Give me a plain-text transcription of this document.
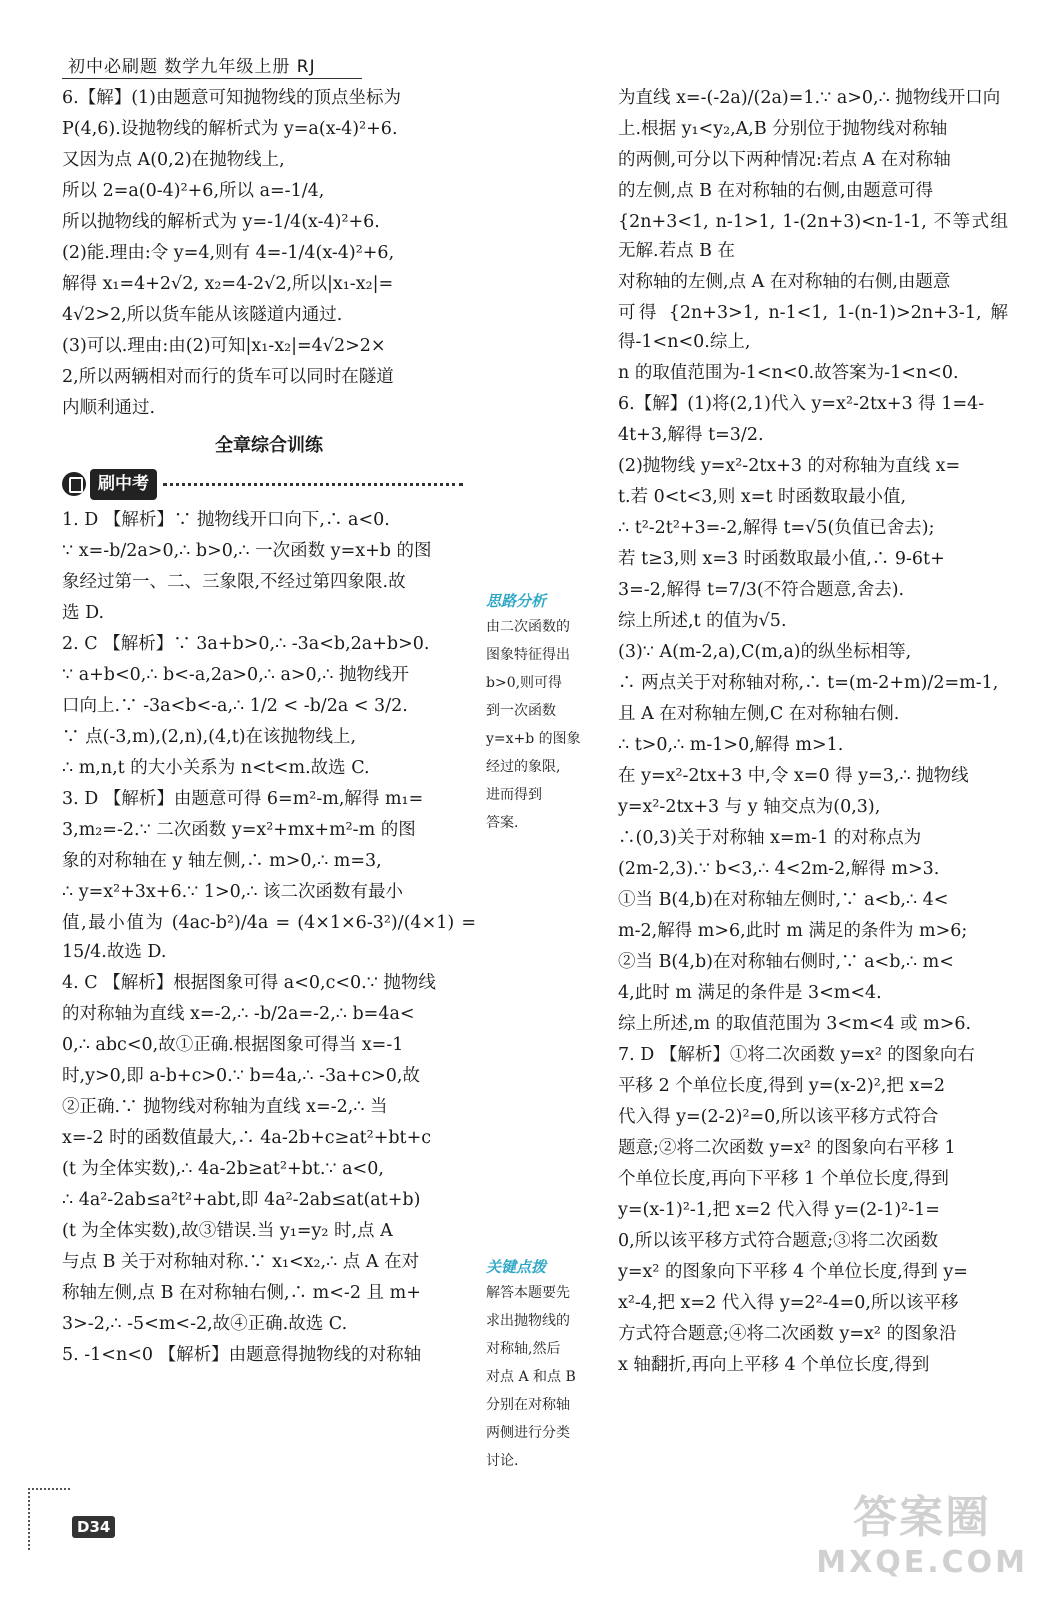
初中必刷题 数学九年级上册 RJ

6.【解】(1)由题意可知抛物线的顶点坐标为

P(4,6).设抛物线的解析式为 y=a(x-4)²+6.

又因为点 A(0,2)在抛物线上,

所以 2=a(0-4)²+6,所以 a=-1/4,

所以抛物线的解析式为 y=-1/4(x-4)²+6.

(2)能.理由:令 y=4,则有 4=-1/4(x-4)²+6,

解得 x₁=4+2√2, x₂=4-2√2,所以|x₁-x₂|=

4√2>2,所以货车能从该隧道内通过.

(3)可以.理由:由(2)可知|x₁-x₂|=4√2>2×

2,所以两辆相对而行的货车可以同时在隧道

内顺利通过.

全章综合训练
刷中考

1. D 【解析】∵ 抛物线开口向下,∴ a<0.

∵ x=-b/2a>0,∴ b>0,∴ 一次函数 y=x+b 的图

象经过第一、二、三象限,不经过第四象限.故

选 D.

2. C 【解析】∵ 3a+b>0,∴ -3a<b,2a+b>0.

∵ a+b<0,∴ b<-a,2a>0,∴ a>0,∴ 抛物线开

口向上.∵ -3a<b<-a,∴ 1/2 < -b/2a < 3/2.

∵ 点(-3,m),(2,n),(4,t)在该抛物线上,

∴ m,n,t 的大小关系为 n<t<m.故选 C.

3. D 【解析】由题意可得 6=m²-m,解得 m₁=

3,m₂=-2.∵ 二次函数 y=x²+mx+m²-m 的图

象的对称轴在 y 轴左侧,∴ m>0,∴ m=3,

∴ y=x²+3x+6.∵ 1>0,∴ 该二次函数有最小

值,最小值为 (4ac-b²)/4a = (4×1×6-3²)/(4×1) = 15/4.故选 D.

4. C 【解析】根据图象可得 a<0,c<0.∵ 抛物线

的对称轴为直线 x=-2,∴ -b/2a=-2,∴ b=4a<

0,∴ abc<0,故①正确.根据图象可得当 x=-1

时,y>0,即 a-b+c>0.∵ b=4a,∴ -3a+c>0,故

②正确.∵ 抛物线对称轴为直线 x=-2,∴ 当

x=-2 时的函数值最大,∴ 4a-2b+c≥at²+bt+c

(t 为全体实数),∴ 4a-2b≥at²+bt.∵ a<0,

∴ 4a²-2ab≤a²t²+abt,即 4a²-2ab≤at(at+b)

(t 为全体实数),故③错误.当 y₁=y₂ 时,点 A

与点 B 关于对称轴对称.∵ x₁<x₂,∴ 点 A 在对

称轴左侧,点 B 在对称轴右侧,∴ m<-2 且 m+

3>-2,∴ -5<m<-2,故④正确.故选 C.

5. -1<n<0 【解析】由题意得抛物线的对称轴

思路分析

由二次函数的

图象特征得出

b>0,则可得

到一次函数

y=x+b 的图象

经过的象限,

进而得到

答案.

关键点拨

解答本题要先

求出抛物线的

对称轴,然后

对点 A 和点 B

分别在对称轴

两侧进行分类

讨论.

为直线 x=-(-2a)/(2a)=1.∵ a>0,∴ 抛物线开口向

上.根据 y₁<y₂,A,B 分别位于抛物线对称轴

的两侧,可分以下两种情况:若点 A 在对称轴

的左侧,点 B 在对称轴的右侧,由题意可得

{2n+3<1, n-1>1, 1-(2n+3)<n-1-1, 不等式组无解.若点 B 在

对称轴的左侧,点 A 在对称轴的右侧,由题意

可得 {2n+3>1, n-1<1, 1-(n-1)>2n+3-1, 解得-1<n<0.综上,

n 的取值范围为-1<n<0.故答案为-1<n<0.

6.【解】(1)将(2,1)代入 y=x²-2tx+3 得 1=4-

4t+3,解得 t=3/2.

(2)抛物线 y=x²-2tx+3 的对称轴为直线 x=

t.若 0<t<3,则 x=t 时函数取最小值,

∴ t²-2t²+3=-2,解得 t=√5(负值已舍去);

若 t≥3,则 x=3 时函数取最小值,∴ 9-6t+

3=-2,解得 t=7/3(不符合题意,舍去).

综上所述,t 的值为√5.

(3)∵ A(m-2,a),C(m,a)的纵坐标相等,

∴ 两点关于对称轴对称,∴ t=(m-2+m)/2=m-1,

且 A 在对称轴左侧,C 在对称轴右侧.

∴ t>0,∴ m-1>0,解得 m>1.

在 y=x²-2tx+3 中,令 x=0 得 y=3,∴ 抛物线

y=x²-2tx+3 与 y 轴交点为(0,3),

∴(0,3)关于对称轴 x=m-1 的对称点为

(2m-2,3).∵ b<3,∴ 4<2m-2,解得 m>3.

①当 B(4,b)在对称轴左侧时,∵ a<b,∴ 4<

m-2,解得 m>6,此时 m 满足的条件为 m>6;

②当 B(4,b)在对称轴右侧时,∵ a<b,∴ m<

4,此时 m 满足的条件是 3<m<4.

综上所述,m 的取值范围为 3<m<4 或 m>6.

7. D 【解析】①将二次函数 y=x² 的图象向右

平移 2 个单位长度,得到 y=(x-2)²,把 x=2

代入得 y=(2-2)²=0,所以该平移方式符合

题意;②将二次函数 y=x² 的图象向右平移 1

个单位长度,再向下平移 1 个单位长度,得到

y=(x-1)²-1,把 x=2 代入得 y=(2-1)²-1=

0,所以该平移方式符合题意;③将二次函数

y=x² 的图象向下平移 4 个单位长度,得到 y=

x²-4,把 x=2 代入得 y=2²-4=0,所以该平移

方式符合题意;④将二次函数 y=x² 的图象沿

x 轴翻折,再向上平移 4 个单位长度,得到

D34	答案圈
MXQE.COM
